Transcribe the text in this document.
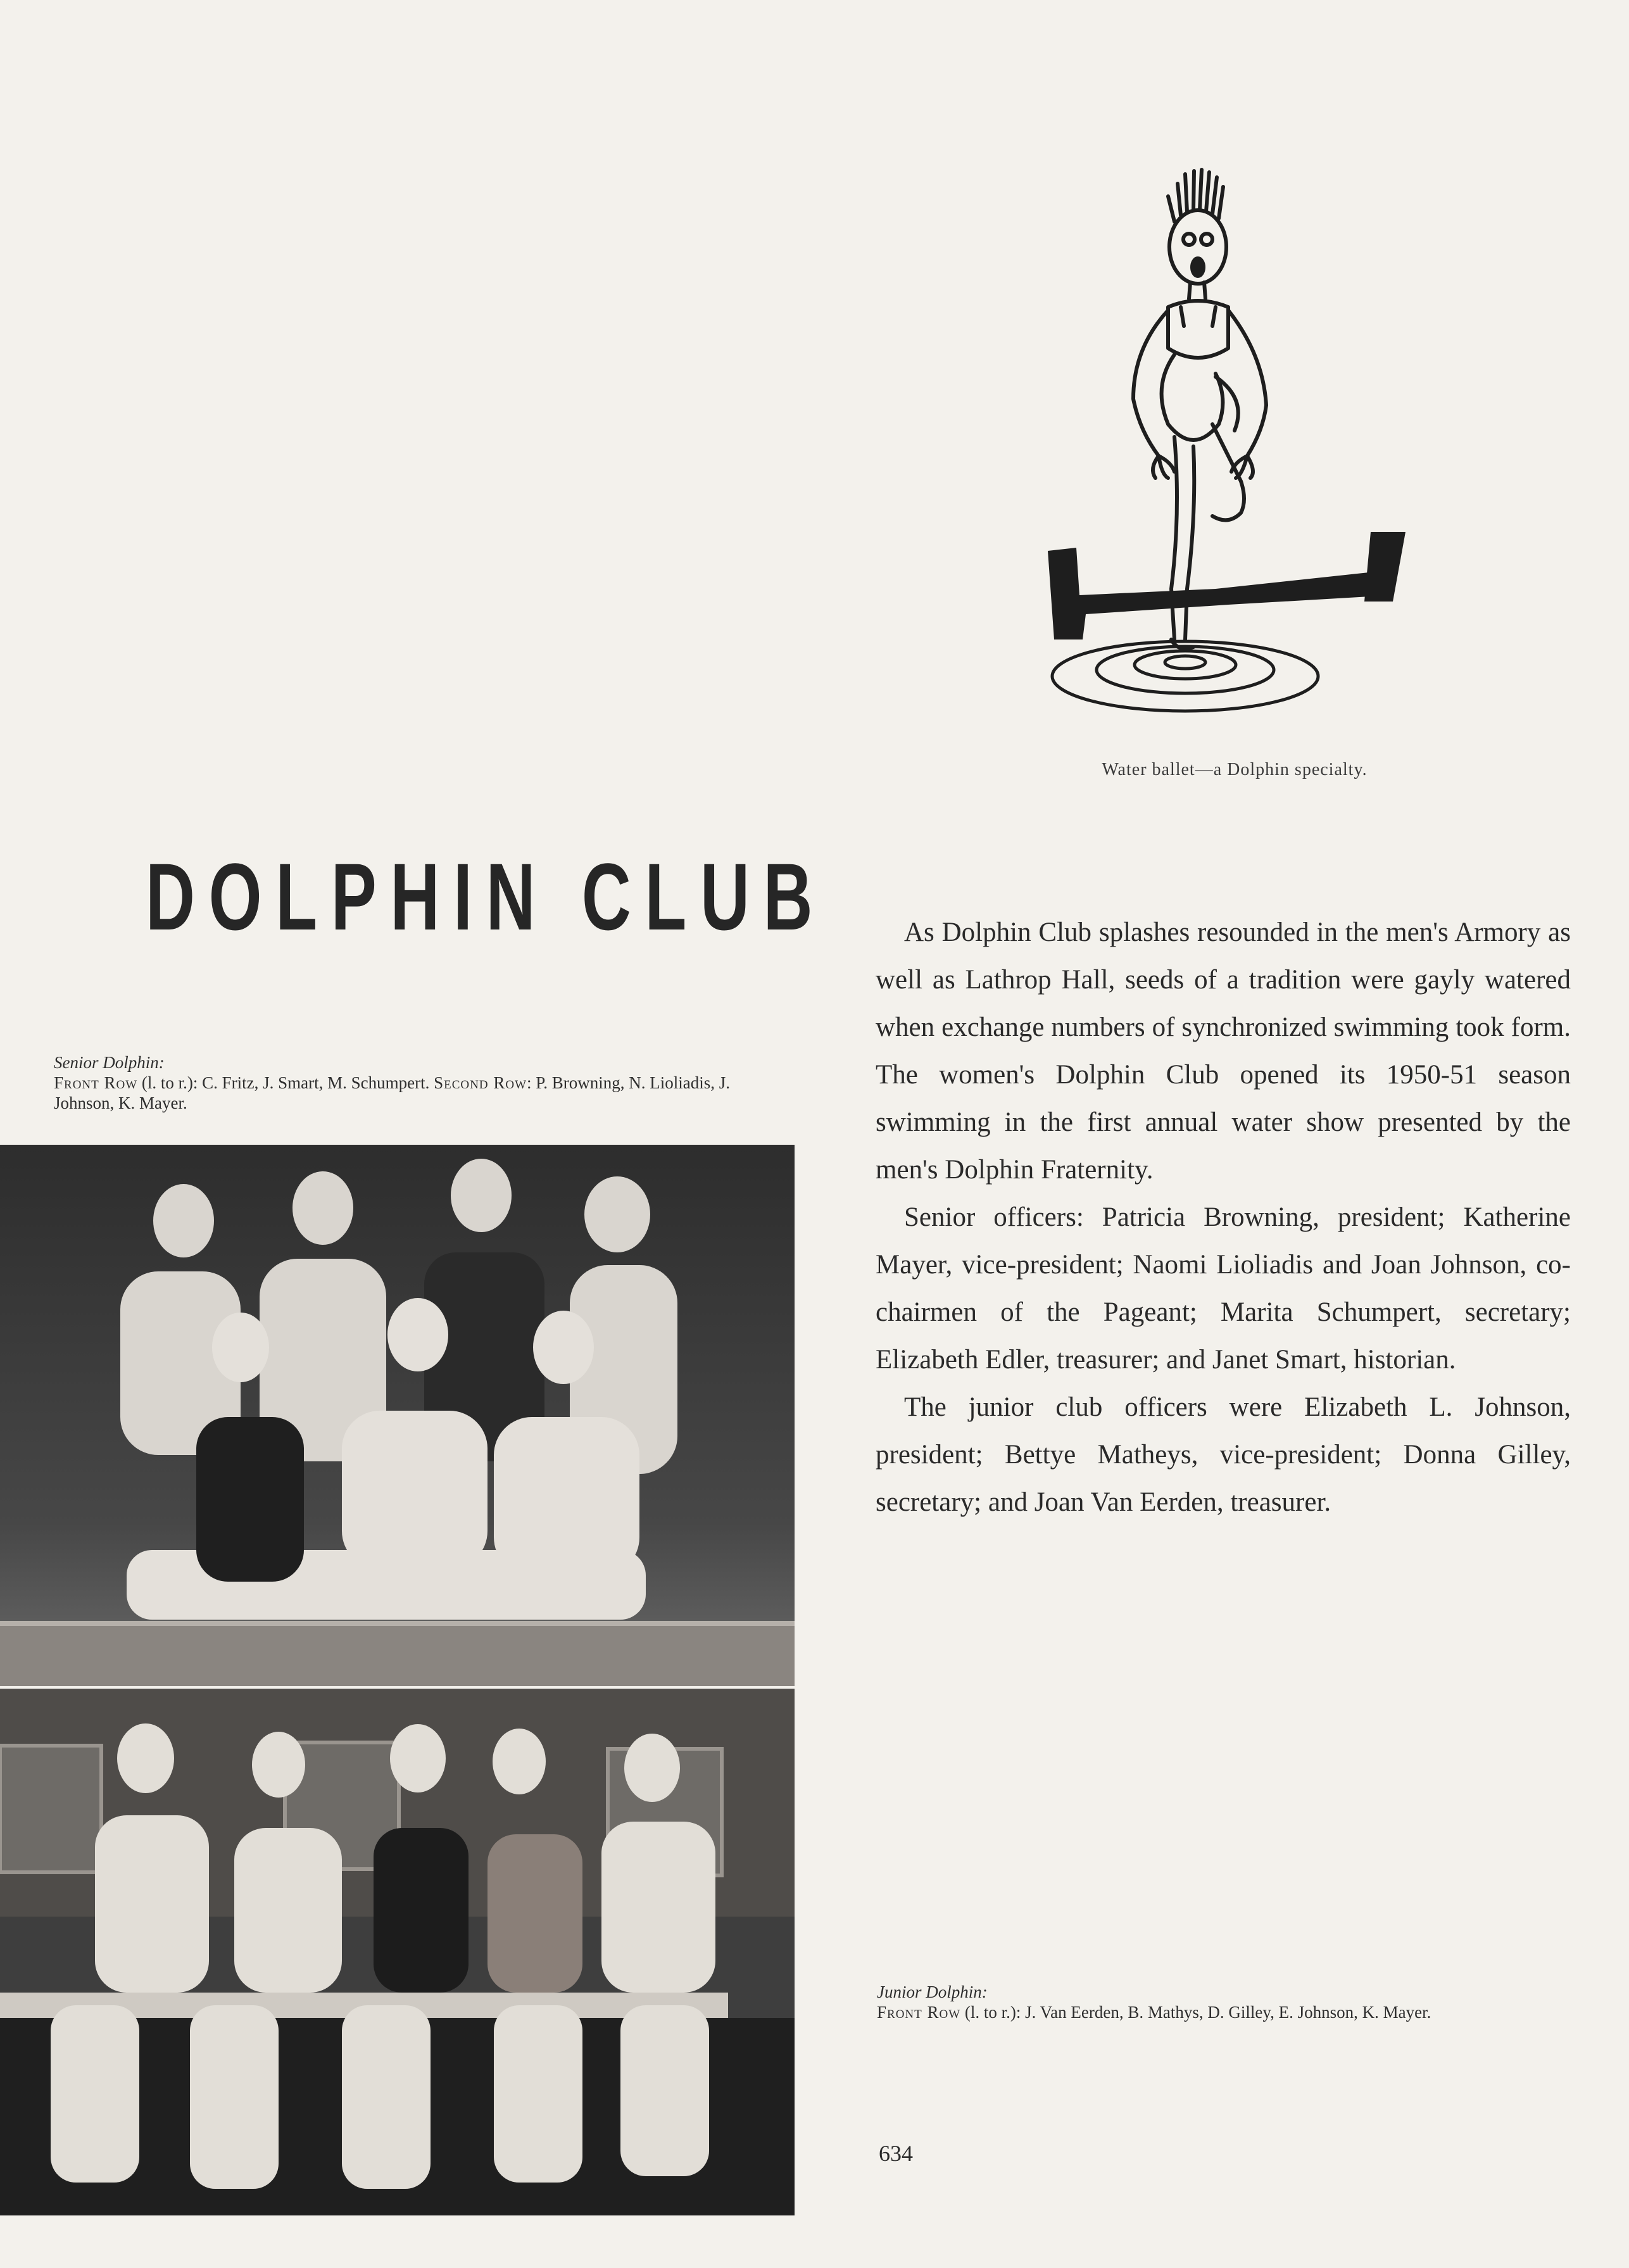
Water ballet—a Dolphin specialty.
DOLPHIN CLUB
Senior Dolphin:
Front Row (l. to r.): C. Fritz, J. Smart, M. Schumpert. Second Row: P. Browning, N. Lioliadis, J. Johnson, K. Mayer.

As Dolphin Club splashes resounded in the men's Armory as well as Lathrop Hall, seeds of a tradition were gayly watered when exchange numbers of synchronized swimming took form. The women's Dolphin Club opened its 1950-51 season swimming in the first annual water show presented by the men's Dolphin Fraternity.

Senior officers: Patricia Browning, president; Katherine Mayer, vice-president; Naomi Lioliadis and Joan Johnson, co-chairmen of the Pageant; Marita Schumpert, secretary; Elizabeth Edler, treasurer; and Janet Smart, historian.

The junior club officers were Elizabeth L. Johnson, president; Bettye Matheys, vice-president; Donna Gilley, secretary; and Joan Van Eerden, treasurer.

Junior Dolphin:
Front Row (l. to r.): J. Van Eerden, B. Mathys, D. Gilley, E. Johnson, K. Mayer.
634
